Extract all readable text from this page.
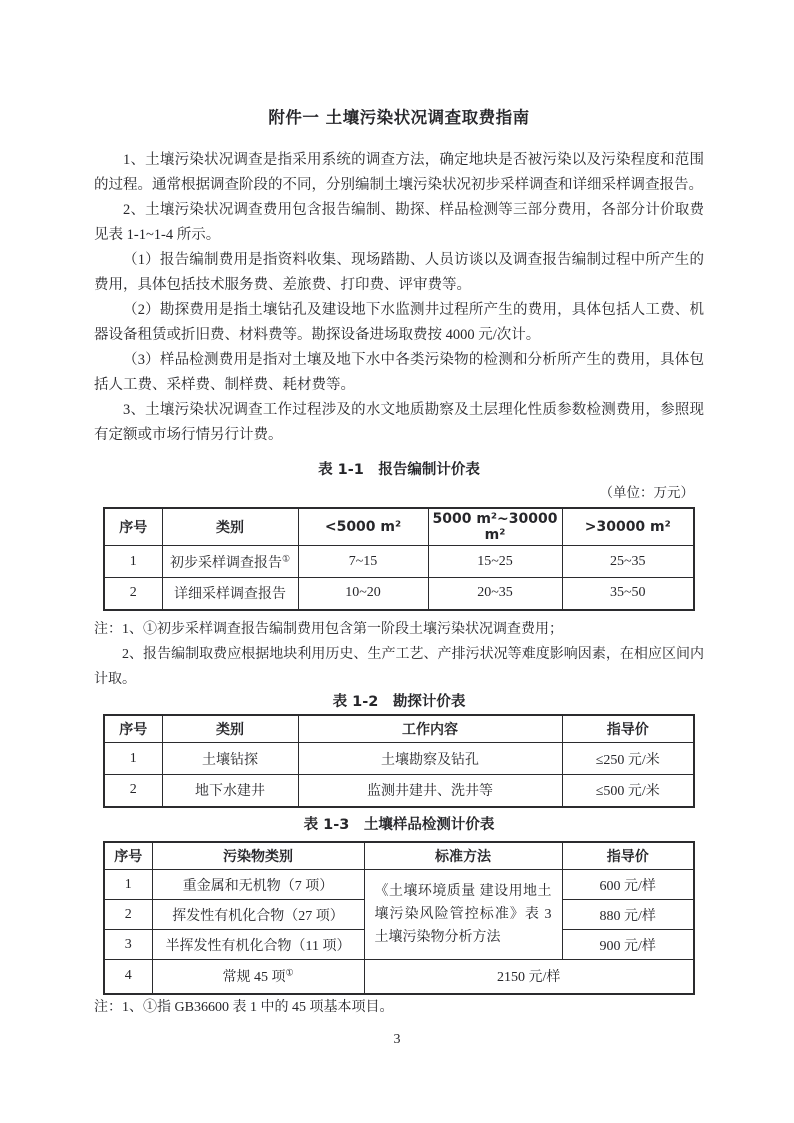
附件一 土壤污染状况调查取费指南

1、土壤污染状况调查是指采用系统的调查方法，确定地块是否被污染以及污染程度和范围的过程。通常根据调查阶段的不同，分别编制土壤污染状况初步采样调查和详细采样调查报告。

2、土壤污染状况调查费用包含报告编制、勘探、样品检测等三部分费用，各部分计价取费见表 1-1~1-4 所示。

（1）报告编制费用是指资料收集、现场踏勘、人员访谈以及调查报告编制过程中所产生的费用，具体包括技术服务费、差旅费、打印费、评审费等。

（2）勘探费用是指土壤钻孔及建设地下水监测井过程所产生的费用，具体包括人工费、机器设备租赁或折旧费、材料费等。勘探设备进场取费按 4000 元/次计。

（3）样品检测费用是指对土壤及地下水中各类污染物的检测和分析所产生的费用，具体包括人工费、采样费、制样费、耗材费等。

3、土壤污染状况调查工作过程涉及的水文地质勘察及土层理化性质参数检测费用，参照现有定额或市场行情另行计费。

表 1-1　报告编制计价表

（单位：万元）

序号	类别	<5000 m²	5000 m²~30000 m²	>30000 m²
1	初步采样调查报告①	7~15	15~25	25~35
2	详细采样调查报告	10~20	20~35	35~50

注：1、①初步采样调查报告编制费用包含第一阶段土壤污染状况调查费用；

2、报告编制取费应根据地块利用历史、生产工艺、产排污状况等难度影响因素，在相应区间内计取。

表 1-2　勘探计价表

序号	类别	工作内容	指导价
1	土壤钻探	土壤勘察及钻孔	≤250 元/米
2	地下水建井	监测井建井、洗井等	≤500 元/米

表 1-3　土壤样品检测计价表

序号	污染物类别	标准方法	指导价
1	重金属和无机物（7 项）	《土壤环境质量 建设用地土壤污染风险管控标准》表 3 土壤污染物分析方法	600 元/样
2	挥发性有机化合物（27 项）		880 元/样
3	半挥发性有机化合物（11 项）		900 元/样
4	常规 45 项①	2150 元/样	

注：1、①指 GB36600 表 1 中的 45 项基本项目。

3
